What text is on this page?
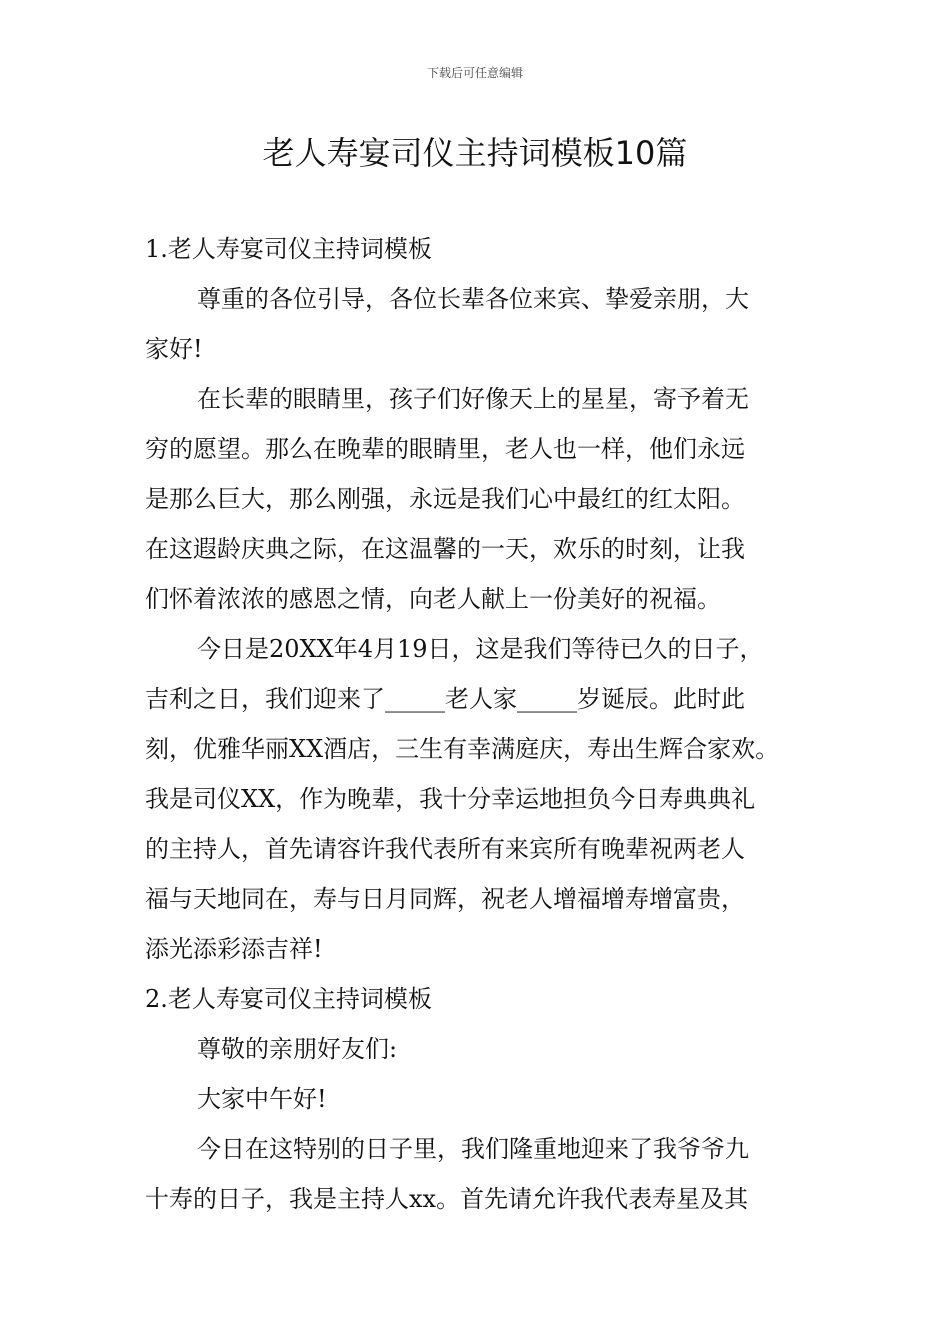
下载后可任意编辑
老人寿宴司仪主持词模板10篇
1.老人寿宴司仪主持词模板
尊重的各位引导，各位长辈各位来宾、挚爱亲朋，大
家好!
在长辈的眼睛里，孩子们好像天上的星星，寄予着无
穷的愿望。那么在晚辈的眼睛里，老人也一样，他们永远
是那么巨大，那么刚强，永远是我们心中最红的红太阳。
在这遐龄庆典之际，在这温馨的一天，欢乐的时刻，让我
们怀着浓浓的感恩之情，向老人献上一份美好的祝福。
今日是20XX年4月19日，这是我们等待已久的日子，
吉利之日，我们迎来了_____老人家_____岁诞辰。此时此
刻，优雅华丽XX酒店，三生有幸满庭庆，寿出生辉合家欢。
我是司仪XX，作为晚辈，我十分幸运地担负今日寿典典礼
的主持人，首先请容许我代表所有来宾所有晚辈祝两老人
福与天地同在，寿与日月同辉，祝老人增福增寿增富贵，
添光添彩添吉祥!
2.老人寿宴司仪主持词模板
尊敬的亲朋好友们:
大家中午好!
今日在这特别的日子里，我们隆重地迎来了我爷爷九
十寿的日子，我是主持人xx。首先请允许我代表寿星及其
